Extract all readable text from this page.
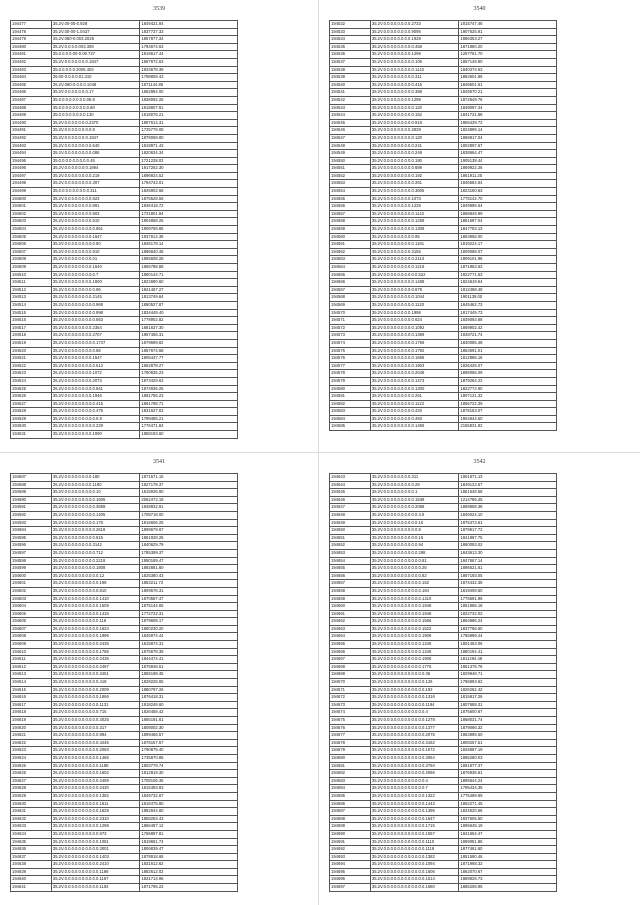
3539
194477	35.2V.00-05-0.928	1849421.84
194478	35.2V.00-00-1.0437	1837737.33
194479	35.2V.060-0.003.2028	1857877.34
194480	35.2V.0.0.0.0.003.308	1794674.63
194481	35.0.0.0.0.00-0.09.727	1819617.44
194482	35.2V.0.0.0.0.0.0.0.1847	1887672.63
194483	35.0.0.0.0.0.2005.403	1933678.39
194484	35.00-0.0.0.0.01.310	1798808.43
194485	35.2V.060-0.0.0.0.1048	1871144.86
194486	35.2V.0.0.0.0.0.0.0.17	1862894.00
194487	35.0.0.0.0.0.0.0.0.08.8	1838092.26
194488	35.0.0.0.0.0.0.0.0.0.80	1818807.81
194489	35.0.0.0.0.0.0.0.0.130	1818076.21
194490	35.2V.0.0.0.0.0.0.0.2370	1897614.31
194491	35.2V.0.0.0.0.0.0.0.0.8	1725776.08
194492	35.2V.0.0.0.0.0.0.0.1847	1878068.80
194493	35.2V.0.0.0.0.0.0.0.0.540	1818971.43
194494	35.2V.0.0.0.0.0.0.0.0.086	1820634.34
194495	35.0.0.0.0.0.0.0.0.0.45	1721228.02
194496	35.2V.0.0.0.0.0.0.0.1894	1917262.30
194497	35.2V.0.0.0.0.0.0.0.0.219	1896924.52
194498	35.2V.0.0.0.0.0.0.0.0.307	1794743.01
194499	35.0.0.0.0.0.0.0.0.0.311	1825902.66
194500	35.2V.0.0.0.0.0.0.0.0.823	1875528.55
194501	35.2V.0.0.0.0.0.0.0.0.891	1836418.72
194502	35.2V.0.0.0.0.0.0.0.0.903	1731801.84
194503	35.2V.0.0.0.0.0.0.0.0.510	1904858.25
194504	35.2V.0.0.0.0.0.0.0.0.0.851	1909759.86
194505	35.2V.0.0.0.0.0.0.0.0.1647	1837814.38
194506	35.2V.0.0.0.0.0.0.0.0.0.60	1848178.14
194507	35.2V.0.0.0.0.0.0.0.0.910	1886840.48
194508	35.2V.0.0.0.0.0.0.0.0.01	1855608.28
194509	35.2V.0.0.0.0.0.0.0.0.1640	1886788.88
194510	35.2V.0.0.0.0.0.0.0.0.0.7	1860144.71
194511	35.2V.0.0.0.0.0.0.0.0.1600	1822690.60
194512	35.2V.0.0.0.0.0.0.0.0.0.96	1841467.27
194513	35.2V.0.0.0.0.0.0.0.0.2145	1813749.64
194514	35.2V.0.0.0.0.0.0.0.0.0.968	1880527.87
194515	35.2V.0.0.0.0.0.0.0.0.0.998	1834449.40
194516	35.2V.0.0.0.0.0.0.0.0.0.563	1778902.82
194517	35.2V.0.0.0.0.0.0.0.0.2354	1861637.30
194518	35.2V.0.0.0.0.0.0.0.0.2707	1957456.31
194519	35.2V.0.0.0.0.0.0.0.0.0.1737	1879699.82
194520	35.2V.0.0.0.0.0.0.0.0.0.58	1857674.68
194521	35.2V.0.0.0.0.0.0.0.0.1547	1805447.77
194522	35.2V.0.0.0.0.0.0.0.0.0.512	1862878.27
194523	35.2V.0.0.0.0.0.0.0.0.1072	1780635.23
194524	35.2V.0.0.0.0.0.0.0.0.2073	1873429.63
194525	35.2V.0.0.0.0.0.0.0.0.0.941	1874936.26
194526	35.2V.0.0.0.0.0.0.0.0.1946	1881756.23
194527	35.2V.0.0.0.0.0.0.0.0.0.415	1861798.71
194528	35.2V.0.0.0.0.0.0.0.0.0.479	1831627.02
194529	35.2V.0.0.0.0.0.0.0.0.0.0.8	1799465.21
194530	35.2V.0.0.0.0.0.0.0.0.0.229	1776471.84
194531	35.2V.0.0.0.0.0.0.0.0.1090	1858193.60
3540
194532	35.2V.0.0.0.0.0.0.0.0.2733	1815747.48
194533	35.2V.0.0.0.0.0.0.0.0.9095	1907625.91
194534	35.2V.0.0.0.0.0.0.0.0.1928	1886353.27
194535	35.2V.0.0.0.0.0.0.0.0.0.458	1871880.20
194536	35.2V.0.0.0.0.0.0.0.0.1299	1267761.70
194537	35.2V.0.0.0.0.0.0.0.0.0.106	1867149.80
194538	35.2V.0.0.0.0.0.0.0.0.0.1142	1840374.52
194539	35.2V.0.0.0.0.0.0.0.0.0.311	1882601.86
194540	35.2V.0.0.0.0.0.0.0.0.0.415	1849501.61
194541	35.2V.0.0.0.0.0.0.0.0.0.388	1849570.21
194542	35.2V.0.0.0.0.0.0.0.0.1299	1872649.76
194543	35.2V.0.0.0.0.0.0.0.0.0.120	1849097.44
194544	35.2V.0.0.0.0.0.0.0.0.0.152	1841721.58
194545	35.2V.0.0.0.0.0.0.0.0.0.918	1855439.72
194546	35.2V.0.0.0.0.0.0.0.0.2829	1824899.14
194547	35.2V.0.0.0.0.0.0.0.0.0.120	1868817.04
194548	35.2V.0.0.0.0.0.0.0.0.0.241	1802897.67
194549	35.2V.0.0.0.0.0.0.0.0.0.248	1838664.47
194550	35.2V.0.0.0.0.0.0.0.0.0.190	1905138.44
194551	35.2V.0.0.0.0.0.0.0.0.0.689	1869922.26
194552	35.2V.0.0.0.0.0.0.0.0.0.192	1861911.25
194553	35.2V.0.0.0.0.0.0.0.0.0.261	1846584.64
194554	35.2V.0.0.0.0.0.0.0.0.0.3605	1823160.63
194555	35.2V.0.0.0.0.0.0.0.0.1073	1778142.70
194556	35.2V.0.0.0.0.0.0.0.0.1228	1849996.64
194557	35.2V.0.0.0.0.0.0.0.0.0.1142	1868849.99
194558	35.2V.0.0.0.0.0.0.0.0.0.1258	1861687.04
194559	35.2V.0.0.0.0.0.0.0.0.0.1308	1847783.13
194560	35.2V.0.0.0.0.0.0.0.0.0.95	1853958.00
194561	35.2V.0.0.0.0.0.0.0.0.0.1181	1819224.17
194562	35.2V.0.0.0.0.0.0.0.0.3155	1809088.07
194563	35.2V.0.0.0.0.0.0.0.0.0.2114	1909101.96
194564	35.2V.0.0.0.0.0.0.0.0.0.1219	1871953.62
194565	35.2V.0.0.0.0.0.0.0.0.0.0.522	1822771.53
194566	35.2V.0.0.0.0.0.0.0.0.0.1488	1824619.64
194567	35.2V.0.0.0.0.0.0.0.0.0.679	1812488.49
194568	35.2V.0.0.0.0.0.0.0.0.0.1044	1901139.00
194569	35.2V.0.0.0.0.0.0.0.0.0.1120	1845462.73
194570	35.2V.0.0.0.0.0.0.0.0.1998	1817449.73
194571	35.2V.0.0.0.0.0.0.0.0.0.624	1839093.68
194572	35.2V.0.0.0.0.0.0.0.0.0.1092	1869902.42
194573	35.2V.0.0.0.0.0.0.0.0.0.1369	1848721.74
194574	35.2V.0.0.0.0.0.0.0.0.0.1766	1830085.48
194575	35.2V.0.0.0.0.0.0.0.0.0.1792	1854691.01
194576	35.2V.0.0.0.0.0.0.0.0.0.1668	1812886.16
194577	35.2V.0.0.0.0.0.0.0.0.0.1903	1826426.07
194578	35.2V.0.0.0.0.0.0.0.0.0.2048	1898056.09
194579	35.2V.0.0.0.0.0.0.0.0.0.1473	1879284.22
194580	35.2V.0.0.0.0.0.0.0.0.0.1300	1822772.90
194581	35.2V.0.0.0.0.0.0.0.0.0.261	1907121.32
194582	35.2V.0.0.0.0.0.0.0.0.0.1122	1856722.39
194583	35.2V.0.0.0.0.0.0.0.0.0.420	1878163.07
194584	35.2V.0.0.0.0.0.0.0.0.0.493	1904644.50
194585	35.2V.0.0.0.0.0.0.0.0.0.1466	2155831.82
3541
194587	35.2V.0.0.0.0.0.0.0.0.180	1871571.15
194588	35.2V.0.0.0.0.0.0.0.0.1180	1827178.37
194589	35.2V.0.0.0.0.0.0.0.0.0.10	1815936.90
194590	35.2V.0.0.0.0.0.0.0.0.0.1605	2062472.19
194591	35.2V.0.0.0.0.0.0.0.0.0.3668	1848832.91
194592	35.2V.0.0.0.0.0.0.0.0.0.1405	1708718.00
194593	35.2V.0.0.0.0.0.0.0.0.0.176	1816606.25
194594	35.2V.0.0.0.0.0.0.0.0.0.2618	1899679.67
194595	35.2V.0.0.0.0.0.0.0.0.0.515	1861928.26
194596	35.2V.0.0.0.0.0.0.0.0.3142	1840629.79
194597	35.2V.0.0.0.0.0.0.0.0.0.712	1785399.37
194598	35.2V.0.0.0.0.0.0.0.0.0.2219	1890189.47
194599	35.2V.0.0.0.0.0.0.0.0.0.1808	1892681.60
194600	35.2V.0.0.0.0.0.0.0.0.0.0.12	1825380.43
194601	35.2V.0.0.0.0.0.0.0.0.0.0.198	1863211.72
194602	35.2V.0.0.0.0.0.0.0.0.0.0.810	1809576.31
194603	35.2V.0.0.0.0.0.0.0.0.0.0.1410	1870587.47
194604	35.2V.0.0.0.0.0.0.0.0.0.0.1509	1875144.65
194605	35.2V.0.0.0.0.0.0.0.0.0.0.1416	1772722.31
194606	35.2V.0.0.0.0.0.0.0.0.0.0.116	1879608.17
194607	35.2V.0.0.0.0.0.0.0.0.0.0.1624	1860230.20
194608	35.2V.0.0.0.0.0.0.0.0.0.0.1996	1845974.44
194609	35.2V.0.0.0.0.0.0.0.0.0.0.2436	1815874.31
194610	35.2V.0.0.0.0.0.0.0.0.0.0.1786	1875678.39
194611	35.2V.0.0.0.0.0.0.0.0.0.0.2436	1844474.41
194612	35.2V.0.0.0.0.0.0.0.0.0.0.2467	1876848.51
194613	35.2V.0.0.0.0.0.0.0.0.0.0.3451	1855198.45
194614	35.2V.0.0.0.0.0.0.0.0.0.0.418	1828226.65
194615	35.2V.0.0.0.0.0.0.0.0.0.0.2009	1880797.26
194616	35.2V.0.0.0.0.0.0.0.0.0.0.1866	1876418.31
194617	35.2V.0.0.0.0.0.0.0.0.0.0.1131	1818246.60
194618	35.2V.0.0.0.0.0.0.0.0.0.0.715	1826458.42
194619	35.2V.0.0.0.0.0.0.0.0.0.0.3025	1865191.61
194620	35.2V.0.0.0.0.0.0.0.0.0.0.317	1808002.30
194621	35.2V.0.0.0.0.0.0.0.0.0.0.994	1899466.57
194622	35.2V.0.0.0.0.0.0.0.0.0.0.4246	1876157.57
194623	35.2V.0.0.0.0.0.0.0.0.0.0.2093	1790875.40
194624	35.2V.0.0.0.0.0.0.0.0.0.0.1466	1735670.86
194625	35.2V.0.0.0.0.0.0.0.0.0.0.1188	1803779.74
194626	35.2V.0.0.0.0.0.0.0.0.0.0.1602	1812819.30
194627	35.2V.0.0.0.0.0.0.0.0.0.0.2459	1708106.35
194628	35.2V.0.0.0.0.0.0.0.0.0.0.2430	1815493.83
194629	35.2V.0.0.0.0.0.0.0.0.0.0.1382	1849732.87
194630	35.2V.0.0.0.0.0.0.0.0.0.0.1611	1816475.80
194631	35.2V.0.0.0.0.0.0.0.0.0.0.1628	1882944.80
194632	35.2V.0.0.0.0.0.0.0.0.0.0.2310	1858253.43
194633	35.2V.0.0.0.0.0.0.0.0.0.0.1298	1866487.12
194634	35.2V.0.0.0.0.0.0.0.0.0.0.973	1766897.81
194635	35.2V.0.0.0.0.0.0.0.0.0.0.1081	1819661.74
194636	35.2V.0.0.0.0.0.0.0.0.0.0.3001	1806839.47
194637	35.2V.0.0.0.0.0.0.0.0.0.0.1403	1878918.68
194638	35.2V.0.0.0.0.0.0.0.0.0.0.2410	1831612.62
194639	35.2V.0.0.0.0.0.0.0.0.0.0.1186	1882612.02
194640	35.2V.0.0.0.0.0.0.0.0.0.0.1167	1821714.96
194641	35.2V.0.0.0.0.0.0.0.0.0.0.1192	1871795.22
3542
194643	35.2V.0.0.0.0.0.0.0.0.311	1901871.13
194644	35.2V.0.0.0.0.0.0.0.0.0.28	1849122.67
194645	35.2V.0.0.0.0.0.0.0.0.0.1	1861548.58
194646	35.2V.0.0.0.0.0.0.0.0.0.1538	1214786.45
194647	35.2V.0.0.0.0.0.0.0.0.0.2088	1869858.38
194648	35.2V.0.0.0.0.0.0.0.0.0.0.4.6	1846024.10
194649	35.2V.0.0.0.0.0.0.0.0.0.0.15	1875473.61
194650	35.2V.0.0.0.0.0.0.0.0.0.0.8	1879617.72
194651	35.2V.0.0.0.0.0.0.0.0.0.0.16	1841887.75
194652	35.2V.0.0.0.0.0.0.0.0.0.0.94	1860093.02
194653	35.2V.0.0.0.0.0.0.0.0.0.0.298	1843613.30
194654	35.2V.0.0.0.0.0.0.0.0.0.0.0.81	1847667.14
194655	35.2V.0.0.0.0.0.0.0.0.0.0.0.26	1896521.61
194656	35.2V.0.0.0.0.0.0.0.0.0.0.0.82	1867193.05
194657	35.2V.0.0.0.0.0.0.0.0.0.0.0.152	1874432.38
194658	35.2V.0.0.0.0.0.0.0.0.0.0.0.184	1819408.60
194659	35.2V.0.0.0.0.0.0.0.0.0.0.0.1310	1775691.96
194660	35.2V.0.0.0.0.0.0.0.0.0.0.0.1948	1851988.18
194661	35.2V.0.0.0.0.0.0.0.0.0.0.0.1948	1822732.02
194662	35.2V.0.0.0.0.0.0.0.0.0.0.0.1566	1864986.24
194663	35.2V.0.0.0.0.0.0.0.0.0.0.0.1522	1837786.50
194664	35.2V.0.0.0.0.0.0.0.0.0.0.0.1908	1785989.44
194665	35.2V.0.0.0.0.0.0.0.0.0.0.0.1346	1801463.06
194666	35.2V.0.0.0.0.0.0.0.0.0.0.0.1346	1880194.41
194667	35.2V.0.0.0.0.0.0.0.0.0.0.0.1908	1811494.48
194668	35.2V.0.0.0.0.0.0.0.0.0.0.0.1776	1851378.76
194669	35.2V.0.0.0.0.0.0.0.0.0.0.0.0.36	1829948.71
194670	35.2V.0.0.0.0.0.0.0.0.0.0.0.0.126	1796893.62
194671	35.2V.0.0.0.0.0.0.0.0.0.0.0.0.192	1826262.42
194672	35.2V.0.0.0.0.0.0.0.0.0.0.0.0.1316	1815817.26
194673	35.2V.0.0.0.0.0.0.0.0.0.0.0.0.1194	1807688.31
194674	35.2V.0.0.0.0.0.0.0.0.0.0.0.0.4	1875600.67
194675	35.2V.0.0.0.0.0.0.0.0.0.0.0.0.1278	1868031.74
194676	35.2V.0.0.0.0.0.0.0.0.0.0.0.0.1377	1879066.32
194677	35.2V.0.0.0.0.0.0.0.0.0.0.0.0.2075	1863995.50
194678	35.2V.0.0.0.0.0.0.0.0.0.0.0.0.3162	1808257.51
194679	35.2V.0.0.0.0.0.0.0.0.0.0.0.0.1572	1826887.19
194680	35.2V.0.0.0.0.0.0.0.0.0.0.0.0.3064	1865280.03
194681	35.2V.0.0.0.0.0.0.0.0.0.0.0.0.3794	1891877.37
194682	35.2V.0.0.0.0.0.0.0.0.0.0.0.0.2066	1876936.61
194683	35.2V.0.0.0.0.0.0.0.0.0.0.0.0.4	1895544.24
194684	35.2V.0.0.0.0.0.0.0.0.0.0.0.0.7	1795434.35
194685	35.2V.0.0.0.0.0.0.0.0.0.0.0.0.1322	1775489.89
194686	35.2V.0.0.0.0.0.0.0.0.0.0.0.0.1443	1862271.45
194687	35.2V.0.0.0.0.0.0.0.0.0.0.0.0.1396	1834620.66
194688	35.2V.0.0.0.0.0.0.0.0.0.0.0.0.1547	1837605.50
194689	35.2V.0.0.0.0.0.0.0.0.0.0.0.0.1715	1895645.19
194690	35.2V.0.0.0.0.0.0.0.0.0.0.0.0.1557	1841654.47
194691	35.2V.0.0.0.0.0.0.0.0.0.0.0.0.1110	1869051.86
194692	35.2V.0.0.0.0.0.0.0.0.0.0.0.0.1118	1877461.60
194693	35.2V.0.0.0.0.0.0.0.0.0.0.0.0.1382	1851590.46
194694	35.2V.0.0.0.0.0.0.0.0.0.0.0.0.1094	1871968.32
194695	35.2V.0.0.0.0.0.0.0.0.0.0.0.0.1606	1862070.67
194696	35.2V.0.0.0.0.0.0.0.0.0.0.0.0.1514	1889826.73
194697	35.2V.0.0.0.0.0.0.0.0.0.0.0.0.1680	1885208.95
